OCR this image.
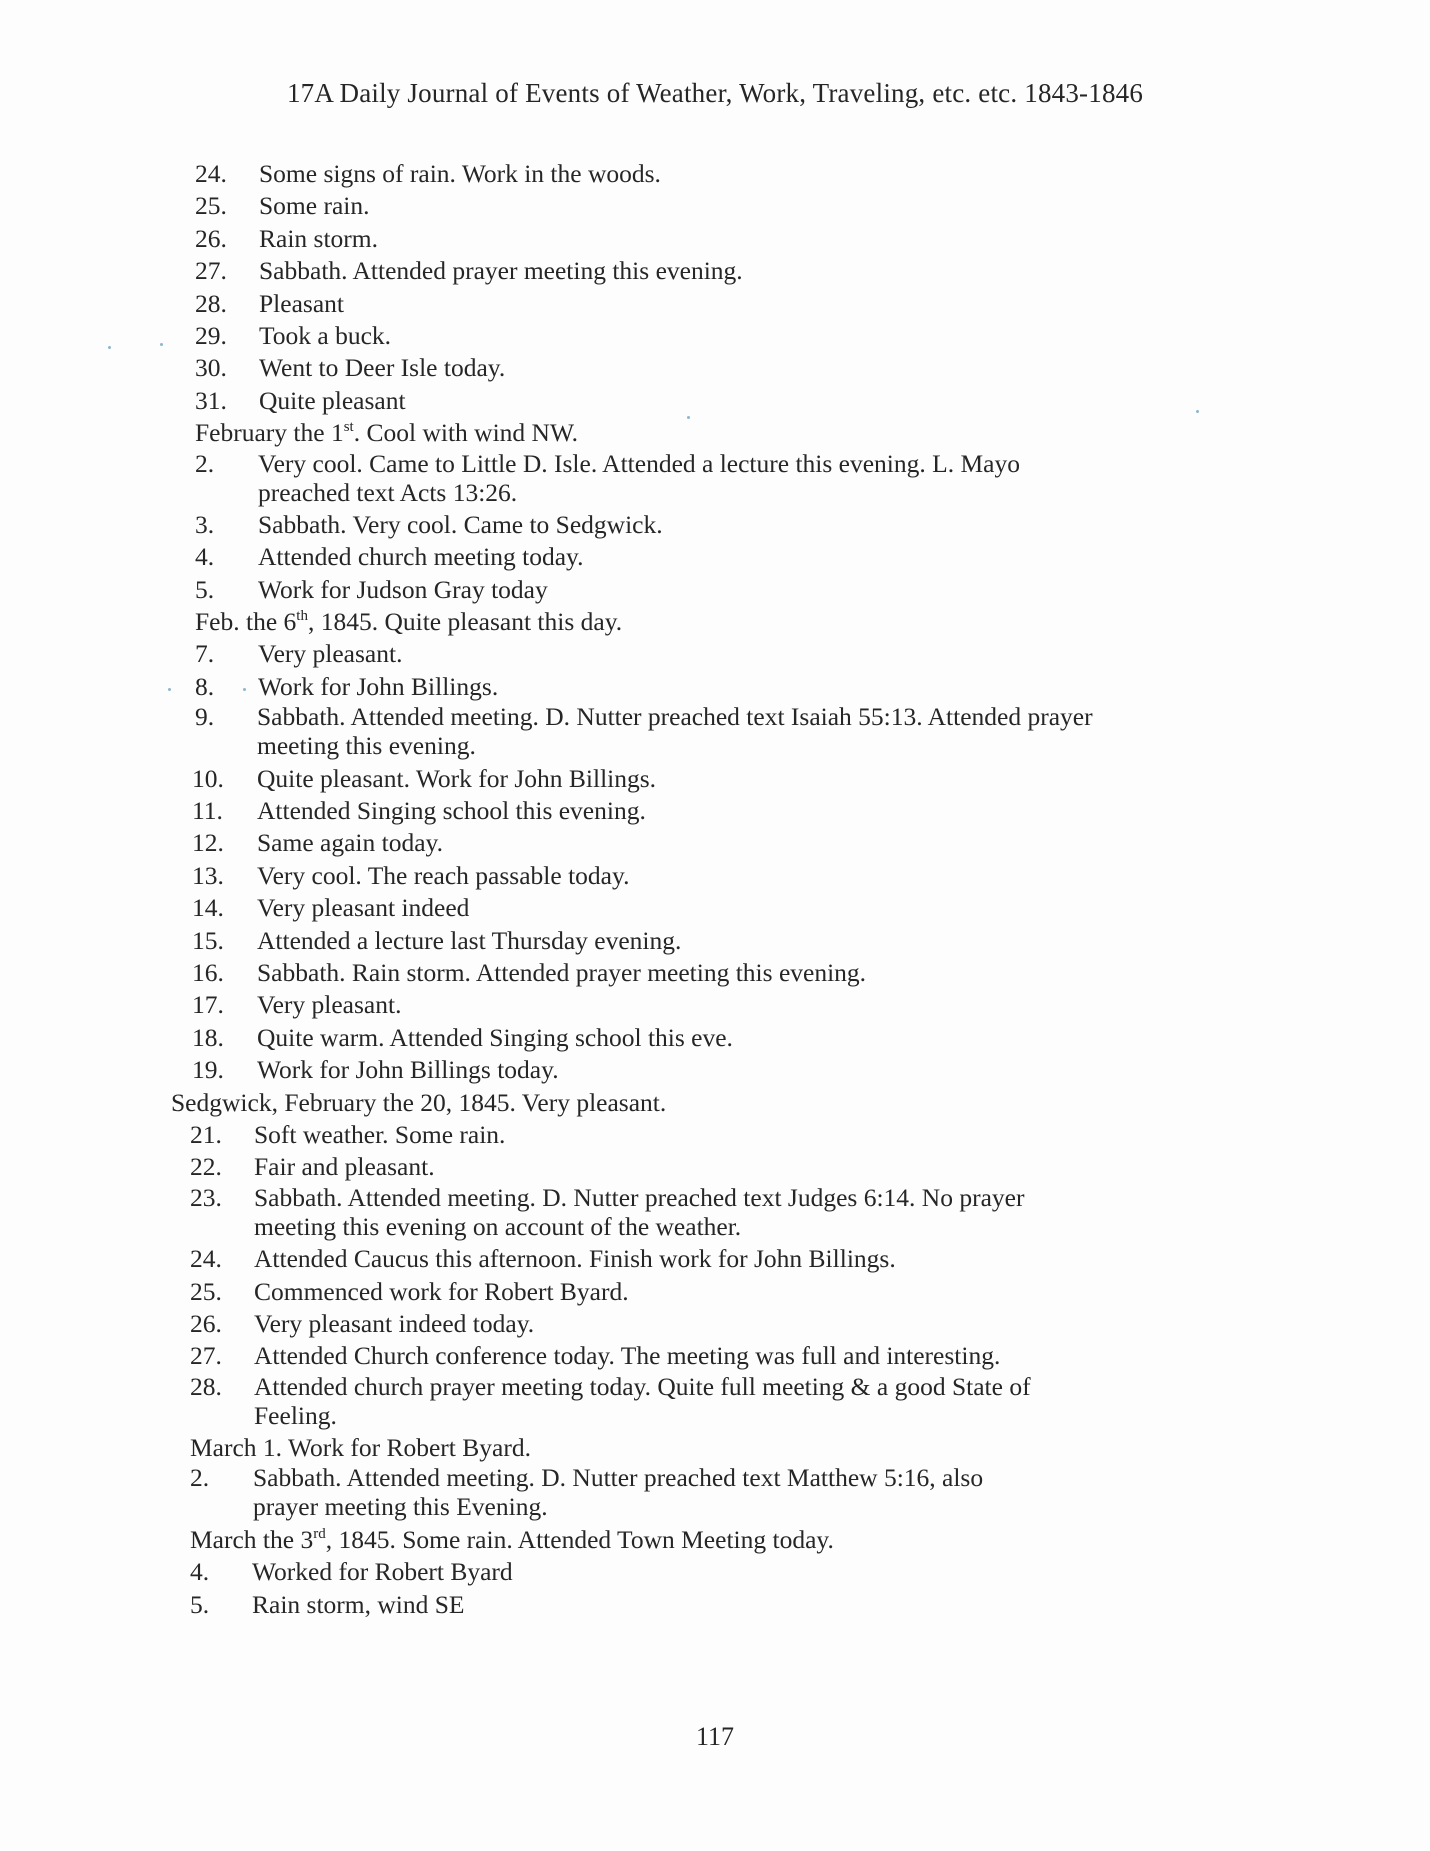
17A Daily Journal of Events of Weather, Work, Traveling, etc. etc. 1843-1846
24. Some signs of rain. Work in the woods.
25. Some rain.
26. Rain storm.
27. Sabbath. Attended prayer meeting this evening.
28. Pleasant
29. Took a buck.
30. Went to Deer Isle today.
31. Quite pleasant
February the 1st. Cool with wind NW.
2. Very cool. Came to Little D. Isle. Attended a lecture this evening. L. Mayo
preached text Acts 13:26.
3. Sabbath. Very cool. Came to Sedgwick.
4. Attended church meeting today.
5. Work for Judson Gray today
Feb. the 6th, 1845. Quite pleasant this day.
7. Very pleasant.
8. Work for John Billings.
9. Sabbath. Attended meeting. D. Nutter preached text Isaiah 55:13. Attended prayer
meeting this evening.
10. Quite pleasant. Work for John Billings.
11. Attended Singing school this evening.
12. Same again today.
13. Very cool. The reach passable today.
14. Very pleasant indeed
15. Attended a lecture last Thursday evening.
16. Sabbath. Rain storm. Attended prayer meeting this evening.
17. Very pleasant.
18. Quite warm. Attended Singing school this eve.
19. Work for John Billings today.
Sedgwick, February the 20, 1845. Very pleasant.
21. Soft weather. Some rain.
22. Fair and pleasant.
23. Sabbath. Attended meeting. D. Nutter preached text Judges 6:14. No prayer
meeting this evening on account of the weather.
24. Attended Caucus this afternoon. Finish work for John Billings.
25. Commenced work for Robert Byard.
26. Very pleasant indeed today.
27. Attended Church conference today. The meeting was full and interesting.
28. Attended church prayer meeting today. Quite full meeting & a good State of
Feeling.
March 1. Work for Robert Byard.
2. Sabbath. Attended meeting. D. Nutter preached text Matthew 5:16, also
prayer meeting this Evening.
March the 3rd, 1845. Some rain. Attended Town Meeting today.
4. Worked for Robert Byard
5. Rain storm, wind SE
117
